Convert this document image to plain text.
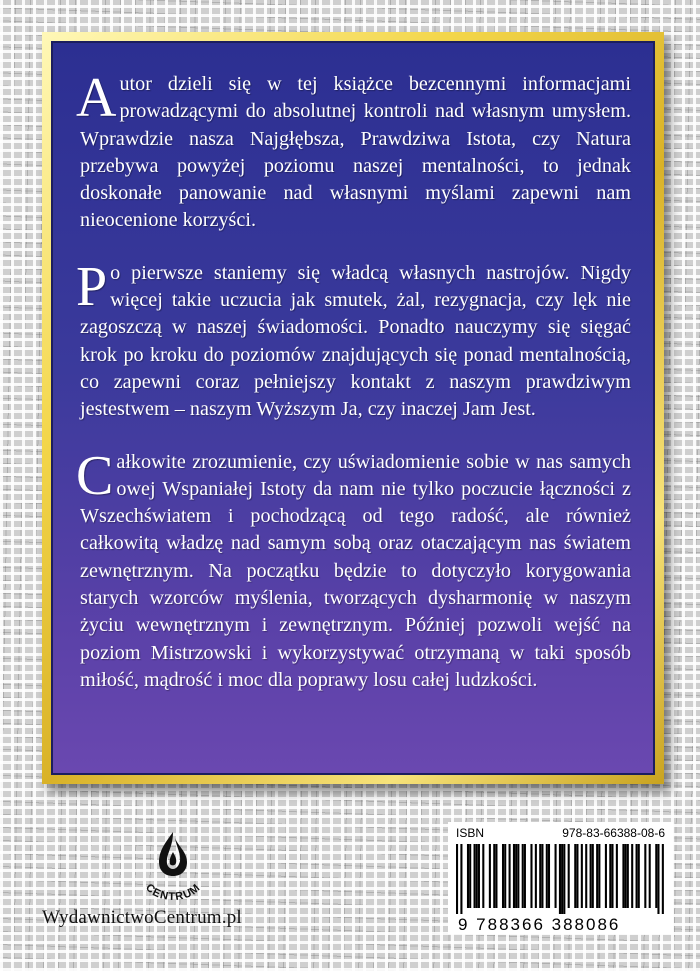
Autor dzieli się w tej książce bezcennymi informacjami prowadzącymi do absolutnej kontroli nad własnym umysłem. Wprawdzie nasza Najgłębsza, Prawdziwa Istota, czy Natura przebywa powyżej poziomu naszej mentalności, to jednak doskonałe panowanie nad własnymi myślami zapewni nam nieocenione korzyści.

Po pierwsze staniemy się władcą własnych nastrojów. Nigdy więcej takie uczucia jak smutek, żal, rezygnacja, czy lęk nie zagoszczą w naszej świadomości. Ponadto nauczymy się sięgać krok po kroku do poziomów znajdujących się ponad mentalnością, co zapewni coraz pełniejszy kontakt z naszym prawdziwym jestestwem – naszym Wyższym Ja, czy inaczej Jam Jest.

Całkowite zrozumienie, czy uświadomienie sobie w nas samych owej Wspaniałej Istoty da nam nie tylko poczucie łączności z Wszechświatem i pochodzącą od tego radość, ale również całkowitą władzę nad samym sobą oraz otaczającym nas światem zewnętrznym. Na początku będzie to dotyczyło korygowania starych wzorców myślenia, tworzących dysharmonię w naszym życiu wewnętrznym i zewnętrznym. Później pozwoli wejść na poziom Mistrzowski i wykorzystywać otrzymaną w taki sposób miłość, mądrość i moc dla poprawy losu całej ludzkości.

CENTRUM
WydawnictwoCentrum.pl
ISBN	978-83-66388-08-6
9 788366 388086
